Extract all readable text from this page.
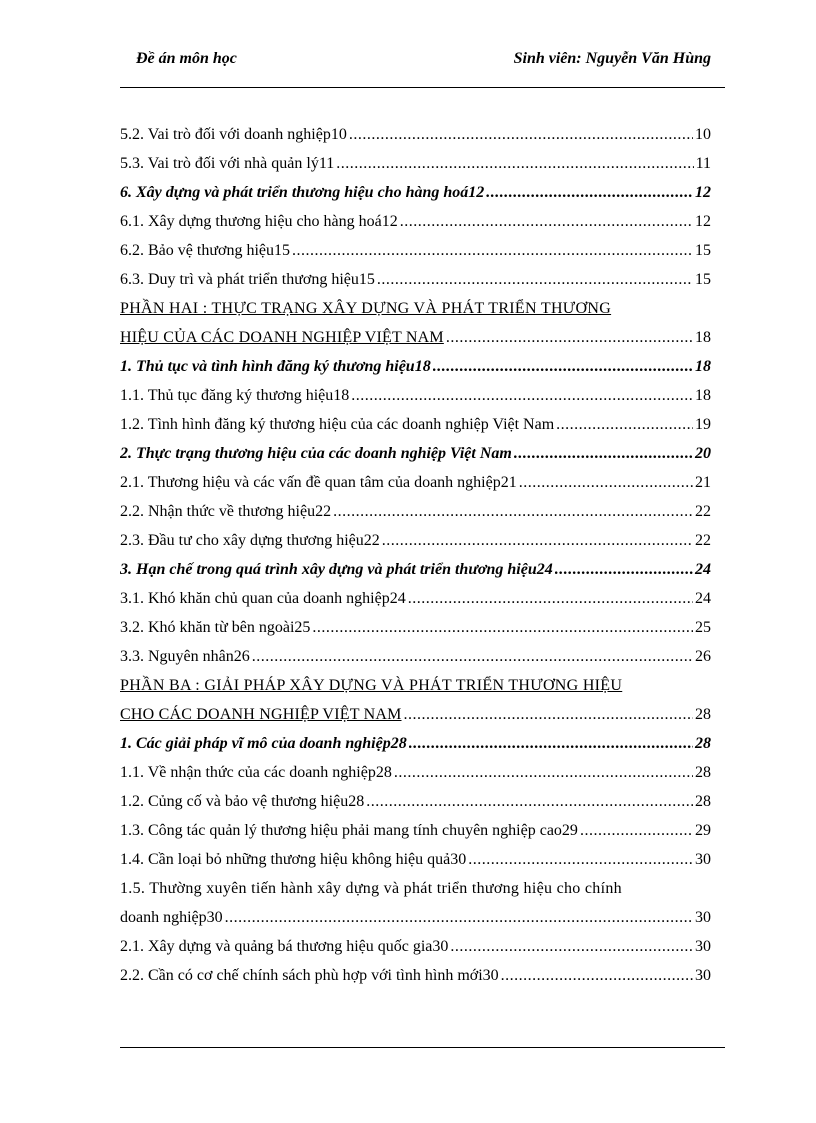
Đề án môn học	Sinh viên: Nguyễn Văn Hùng
5.2. Vai trò đối với doanh nghiệp10 .....	10
5.3. Vai trò đối với nhà quản lý11 .....	11
6. Xây dựng và phát triển thương hiệu cho hàng hoá12 .....	12
6.1. Xây dựng thương hiệu cho hàng hoá12 .....	12
6.2. Bảo vệ thương hiệu15 .....	15
6.3. Duy trì và phát triển thương hiệu15 .....	15
PHẦN HAI : THỰC TRẠNG XÂY DỰNG VÀ PHÁT TRIỂN THƯƠNG
HIỆU CỦA CÁC DOANH NGHIỆP VIỆT NAM .....	18
1. Thủ tục và tình hình đăng ký thương hiệu18 .....	18
1.1. Thủ tục đăng ký thương hiệu18 .....	18
1.2. Tình hình đăng ký thương hiệu của các doanh nghiệp Việt Nam .....	19
2. Thực trạng thương hiệu của các doanh nghiệp Việt Nam .....	20
2.1. Thương hiệu và các vấn đề quan tâm của doanh nghiệp21 .....	21
2.2. Nhận thức về thương hiệu22 .....	22
2.3. Đầu tư cho xây dựng thương hiệu22 .....	22
3. Hạn chế trong quá trình xây dựng và phát triển thương hiệu24 .....	24
3.1. Khó khăn chủ quan của doanh nghiệp24 .....	24
3.2. Khó khăn từ bên ngoài25 .....	25
3.3. Nguyên nhân26 .....	26
PHẦN BA : GIẢI PHÁP XÂY DỰNG VÀ PHÁT TRIỂN THƯƠNG HIỆU
CHO CÁC DOANH NGHIỆP VIỆT NAM .....	28
1. Các giải pháp vĩ mô của doanh nghiệp28 .....	28
1.1. Về nhận thức của các doanh nghiệp28 .....	28
1.2. Củng cố và bảo vệ thương hiệu28 .....	28
1.3. Công tác quản lý thương hiệu phải mang tính chuyên nghiệp cao29 .....	29
1.4. Cần loại bỏ những thương hiệu không hiệu quả30 .....	30
1.5. Thường xuyên tiến hành xây dựng và phát triển thương hiệu cho chính
doanh nghiệp30 .....	30
2.1. Xây dựng và quảng bá thương hiệu quốc gia30 .....	30
2.2. Cần có cơ chế chính sách phù hợp với tình hình mới30 .....	30
